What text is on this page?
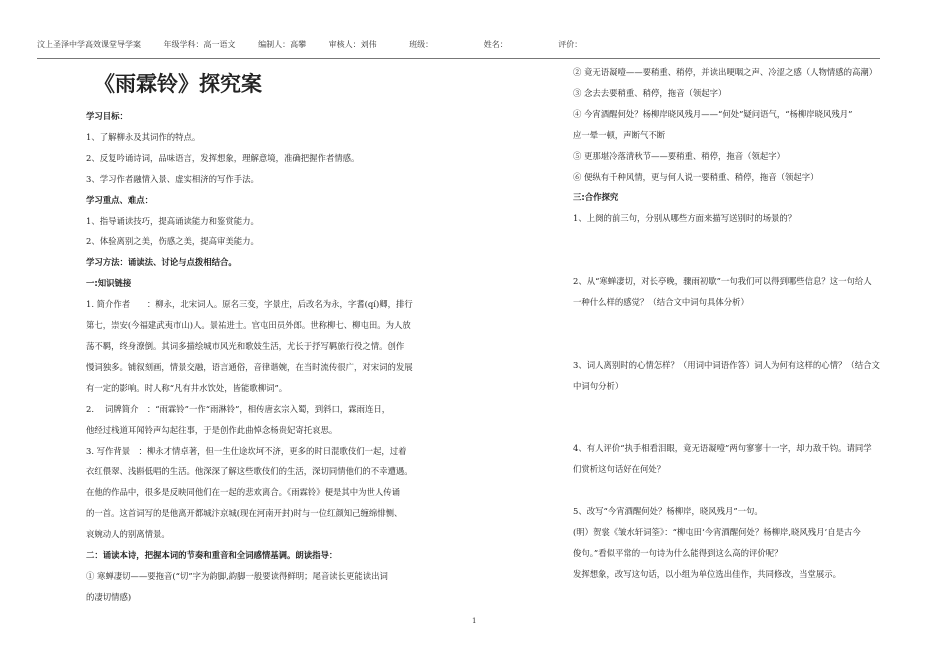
汶上圣泽中学高效课堂导学案	年级学科：高一语文	编制人：高攀	审核人：刘伟	班级：	姓名：	评价：

《雨霖铃》探究案

学习目标：

1、了解柳永及其词作的特点。

2、反复吟诵诗词，品味语言，发挥想象，理解意境，准确把握作者情感。

3、学习作者融情入景、虚实相济的写作手法。

学习重点、难点：

1、指导诵读技巧，提高诵读能力和鉴赏能力。

2、体验离别之美，伤感之美，提高审美能力。

学习方法：诵读法、讨论与点拨相结合。

一:知识链接

1. 简介作者　　：柳永，北宋词人。原名三变，字景庄，后改名为永，字耆(qí)卿，排行

第七，崇安(今福建武夷市山)人。景祐进士。官屯田员外郎。世称柳七、柳屯田。为人放

荡不羁，终身潦倒。其词多描绘城市风光和歌妓生活，尤长于抒写羁旅行役之情。创作

慢词独多。铺叙刻画，情景交融，语言通俗，音律谐婉，在当时流传很广，对宋词的发展

有一定的影响。时人称“凡有井水饮处，皆能歌柳词”。

2.　 词牌简介　：“雨霖铃”一作“雨淋铃”，相传唐玄宗入蜀，到斜口，霖雨连日，

他经过栈道耳闻铃声勾起往事，于是创作此曲悼念杨贵妃寄托哀思。

3. 写作背景　：柳永才情卓著，但一生仕途坎坷不济，更多的时日混歌伎们一起，过着

衣红偎翠、浅斟低唱的生活。他深深了解这些歌伎们的生活，深切同情他们的不幸遭遇。

在他的作品中，很多是反映同他们在一起的悲欢离合。《雨霖铃》便是其中为世人传诵

的一首。这首词写的是他离开都城汴京城(现在河南开封)时与一位红颜知己缠绵悱恻、

哀婉动人的别离情景。

二：诵读本诗，把握本词的节奏和重音和全词感情基调。朗读指导：

① 寒蝉凄切——要拖音(“切”字为韵脚,韵脚一般要读得鲜明；尾音读长更能读出词

的凄切情感)

② 竟无语凝噎——要稍重、稍停，并读出哽咽之声、冷涩之感（人物情感的高潮）

③ 念去去要稍重、稍停，拖音（领起字）

④ 今宵酒醒何处？杨柳岸晓风残月——“何处”疑问语气，“杨柳岸晓风残月”

应一晕一顿，声断气不断

⑤ 更那堪冷落清秋节——要稍重、稍停，拖音（领起字）

⑥ 便纵有千种风情，更与何人说一要稍重、稍停，拖音（领起字）

三:合作探究

1、上阕的前三句，分别从哪些方面来描写送别时的场景的？

2、从“寒蝉凄切，对长亭晚，骤雨初歇”一句我们可以得到哪些信息？这一句给人

一种什么样的感觉？（结合文中词句具体分析）

3、词人离别时的心情怎样？（用词中词语作答）词人为何有这样的心情？（结合文

中词句分析）

4、有人评价“执手相看泪眼，竟无语凝噎”两句寥寥十一字，却力敌千钧。请同学

们赏析这句话好在何处？

5、改写“今宵酒醒何处？杨柳岸，晓风残月”一句。

(明）贺裳《皱水轩词筌》：“柳屯田‘今宵酒醒何处？杨柳岸,晓风残月’自是古今

俊句。”看似平常的一句诗为什么能得到这么高的评价呢？

发挥想象，改写这句话，以小组为单位选出佳作，共同修改，当堂展示。

1
